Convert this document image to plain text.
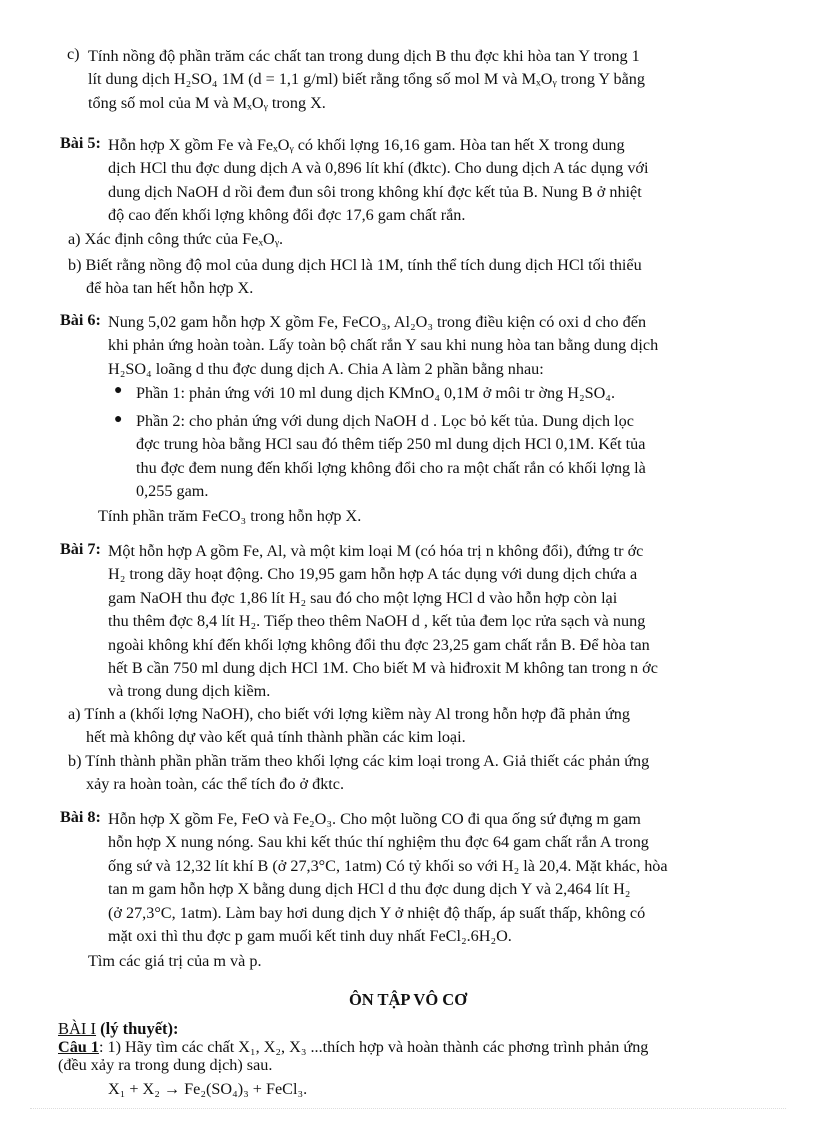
c) Tính nồng độ phần trăm các chất tan trong dung dịch B thu đợc khi hòa tan Y trong 1
lít dung dịch H₂SO₄ 1M (d = 1,1 g/ml) biết rằng tổng số mol M và MₓOᵧ trong Y bằng
tổng số mol của M và MₓOᵧ trong X.
Bài 5: Hỗn hợp X gồm Fe và FeₓOᵧ có khối lợng 16,16 gam. Hòa tan hết X trong dung
dịch HCl thu đợc dung dịch A và 0,896 lít khí (đktc). Cho dung dịch A tác dụng với
dung dịch NaOH d rồi đem đun sôi trong không khí đợc kết tủa B. Nung B ở nhiệt
độ cao đến khối lợng không đổi đợc 17,6 gam chất rắn.
a) Xác định công thức của FeₓOᵧ.
b) Biết rằng nồng độ mol của dung dịch HCl là 1M, tính thể tích dung dịch HCl tối thiểu
để hòa tan hết hỗn hợp X.
Bài 6: Nung 5,02 gam hỗn hợp X gồm Fe, FeCO₃, Al₂O₃ trong điều kiện có oxi d cho đến
khi phản ứng hoàn toàn. Lấy toàn bộ chất rắn Y sau khi nung hòa tan bằng dung dịch
H₂SO₄ loãng d thu đợc dung dịch A. Chia A làm 2 phần bằng nhau:
● Phần 1: phản ứng với 10 ml dung dịch KMnO₄ 0,1M ở môi tr ờng H₂SO₄.
● Phần 2: cho phản ứng với dung dịch NaOH d . Lọc bỏ kết tủa. Dung dịch lọc
đợc trung hòa bằng HCl sau đó thêm tiếp 250 ml dung dịch HCl 0,1M. Kết tủa
thu đợc đem nung đến khối lợng không đổi cho ra một chất rắn có khối lợng là
0,255 gam.
Tính phần trăm FeCO₃ trong hỗn hợp X.
Bài 7: Một hỗn hợp A gồm Fe, Al, và một kim loại M (có hóa trị n không đổi), đứng tr ớc
H₂ trong dãy hoạt động. Cho 19,95 gam hỗn hợp A tác dụng với dung dịch chứa a
gam NaOH thu đợc 1,86 lít H₂ sau đó cho một lợng HCl d vào hỗn hợp còn lại
thu thêm đợc 8,4 lít H₂. Tiếp theo thêm NaOH d , kết tủa đem lọc rửa sạch và nung
ngoài không khí đến khối lợng không đổi thu đợc 23,25 gam chất rắn B. Để hòa tan
hết B cần 750 ml dung dịch HCl 1M. Cho biết M và hiđroxit M không tan trong n ớc
và trong dung dịch kiềm.
a) Tính a (khối lợng NaOH), cho biết với lợng kiềm này Al trong hỗn hợp đã phản ứng
hết mà không dự vào kết quả tính thành phần các kim loại.
b) Tính thành phần phần trăm theo khối lợng các kim loại trong A. Giả thiết các phản ứng
xảy ra hoàn toàn, các thể tích đo ở đktc.
Bài 8: Hỗn hợp X gồm Fe, FeO và Fe₂O₃. Cho một luồng CO đi qua ống sứ đựng m gam
hỗn hợp X nung nóng. Sau khi kết thúc thí nghiệm thu đợc 64 gam chất rắn A trong
ống sứ và 12,32 lít khí B (ở 27,3°C, 1atm) Có tỷ khối so với H₂ là 20,4. Mặt khác, hòa
tan m gam hỗn hợp X bằng dung dịch HCl d thu đợc dung dịch Y và 2,464 lít H₂
(ở 27,3°C, 1atm). Làm bay hơi dung dịch Y ở nhiệt độ thấp, áp suất thấp, không có
mặt oxi thì thu đợc p gam muối kết tinh duy nhất FeCl₂.6H₂O.
Tìm các giá trị của m và p.
ÔN TẬP VÔ CƠ
BÀI I (lý thuyết):
Câu 1: 1) Hãy tìm các chất X₁, X₂, X₃ ...thích hợp và hoàn thành các phơng trình phản ứng
(đều xảy ra trong dung dịch) sau.
X₁ + X₂ → Fe₂(SO₄)₃ + FeCl₃.
